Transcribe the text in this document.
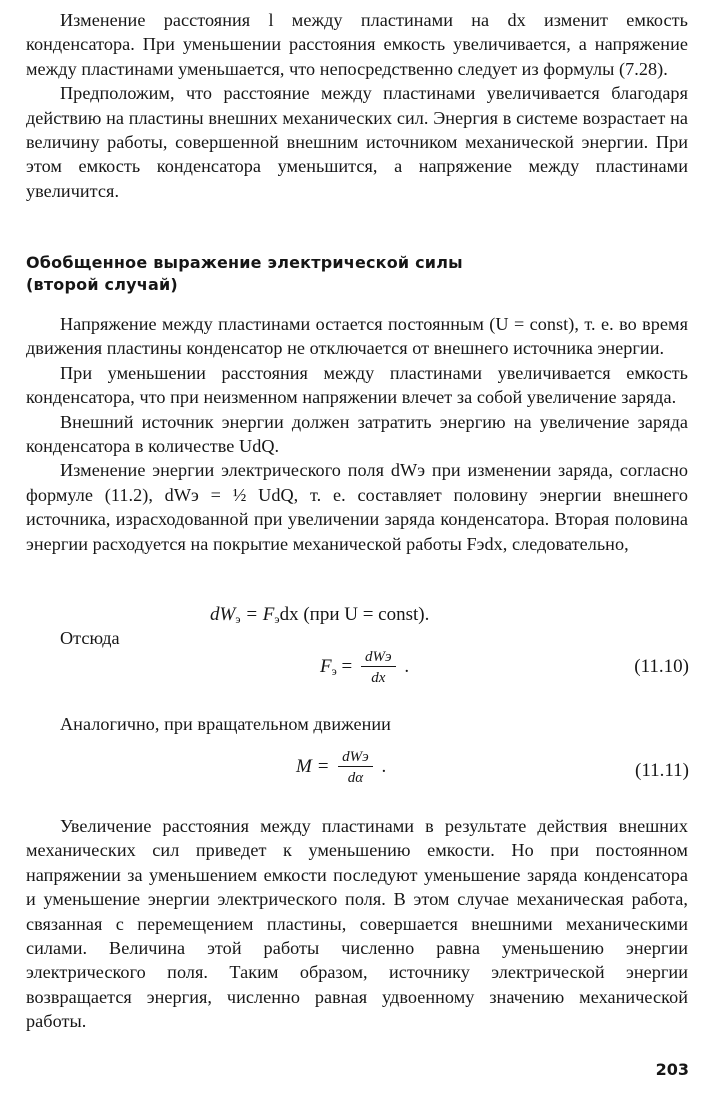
Изменение расстояния l между пластинами на dx изменит емкость конденсатора. При уменьшении расстояния емкость увеличивается, а напряжение между пластинами уменьшается, что непосредственно следует из формулы (7.28).

Предположим, что расстояние между пластинами увеличивается благодаря действию на пластины внешних механических сил. Энергия в системе возрастает на величину работы, совершенной внешним источником механической энергии. При этом емкость конденсатора уменьшится, а напряжение между пластинами увеличится.

Обобщенное выражение электрической силы
(второй случай)

Напряжение между пластинами остается постоянным (U = const), т. е. во время движения пластины конденсатор не отключается от внешнего источника энергии.

При уменьшении расстояния между пластинами увеличивается емкость конденсатора, что при неизменном напряжении влечет за собой увеличение заряда.

Внешний источник энергии должен затратить энергию на увеличение заряда конденсатора в количестве UdQ.

Изменение энергии электрического поля dWэ при изменении заряда, согласно формуле (11.2), dWэ = ½ UdQ, т. е. составляет половину энергии внешнего источника, израсходованной при увеличении заряда конденсатора. Вторая половина энергии расходуется на покрытие механической работы Fэdx, следовательно,

$dW_э = F_эdx$ (при U = const).

Отсюда

$F_э = \frac{\text{dWэ}}{dx}$ .	(11.10)

Аналогично, при вращательном движении

$M = \frac{\text{dWэ}}{d\alpha}$ .	(11.11)

Увеличение расстояния между пластинами в результате действия внешних механических сил приведет к уменьшению емкости. Но при постоянном напряжении за уменьшением емкости последуют уменьшение заряда конденсатора и уменьшение энергии электрического поля. В этом случае механическая работа, связанная с перемещением пластины, совершается внешними механическими силами. Величина этой работы численно равна уменьшению энергии электрического поля. Таким образом, источнику электрической энергии возвращается энергия, численно равная удвоенному значению механической работы.

203
